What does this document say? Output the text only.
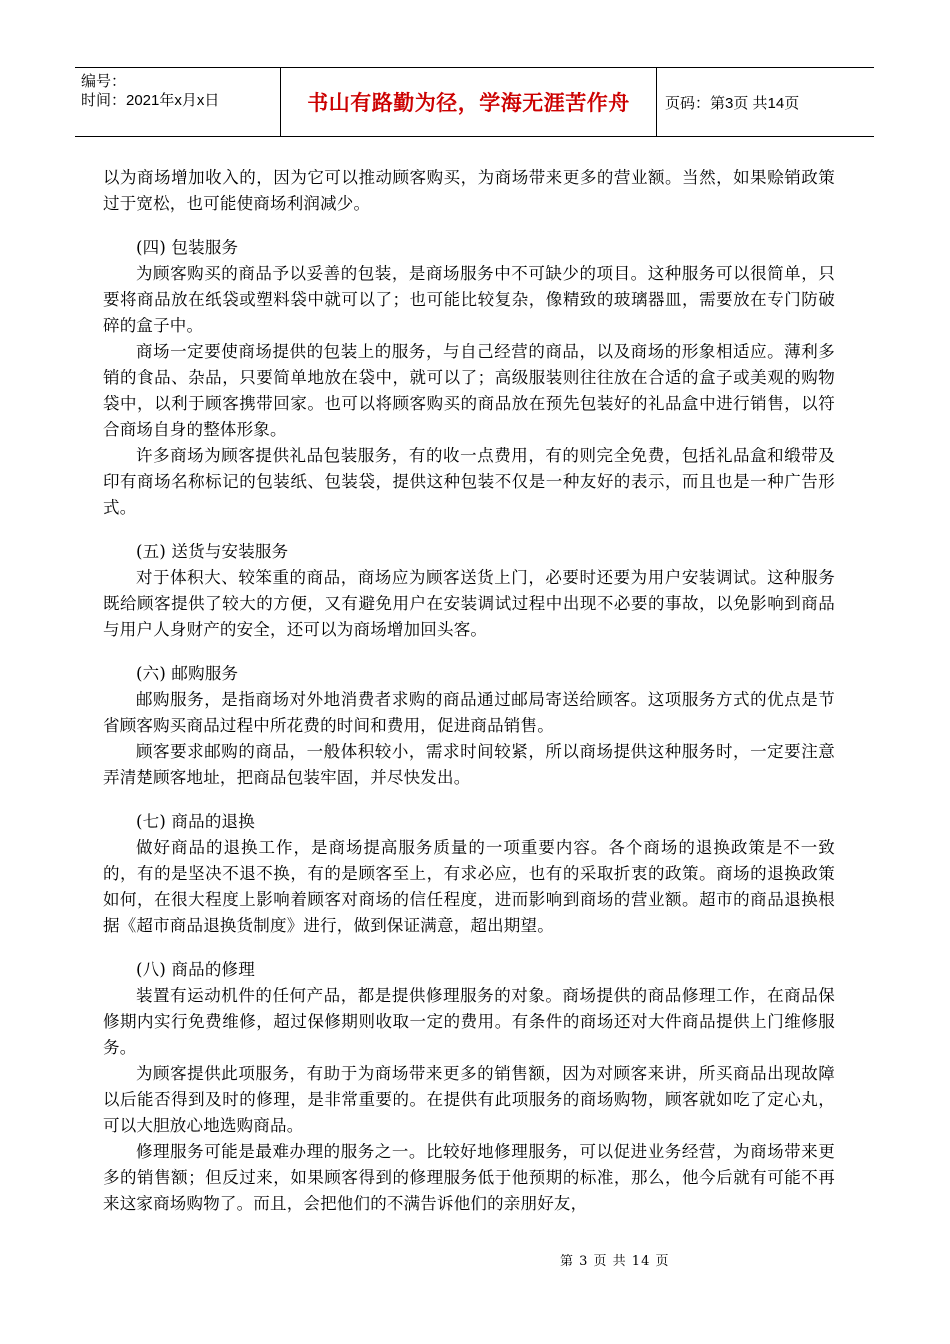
编号：
时间：2021年x月x日	书山有路勤为径，学海无涯苦作舟	页码：第3页 共14页

以为商场增加收入的，因为它可以推动顾客购买，为商场带来更多的营业额。当然，如果赊销政策过于宽松，也可能使商场利润减少。

(四) 包装服务

为顾客购买的商品予以妥善的包装，是商场服务中不可缺少的项目。这种服务可以很简单，只要将商品放在纸袋或塑料袋中就可以了；也可能比较复杂，像精致的玻璃器皿，需要放在专门防破碎的盒子中。

商场一定要使商场提供的包装上的服务，与自己经营的商品，以及商场的形象相适应。薄利多销的食品、杂品，只要简单地放在袋中，就可以了；高级服装则往往放在合适的盒子或美观的购物袋中，以利于顾客携带回家。也可以将顾客购买的商品放在预先包装好的礼品盒中进行销售，以符合商场自身的整体形象。

许多商场为顾客提供礼品包装服务，有的收一点费用，有的则完全免费，包括礼品盒和缎带及印有商场名称标记的包装纸、包装袋，提供这种包装不仅是一种友好的表示，而且也是一种广告形式。

(五) 送货与安装服务

对于体积大、较笨重的商品，商场应为顾客送货上门，必要时还要为用户安装调试。这种服务既给顾客提供了较大的方便，又有避免用户在安装调试过程中出现不必要的事故，以免影响到商品与用户人身财产的安全，还可以为商场增加回头客。

(六) 邮购服务

邮购服务，是指商场对外地消费者求购的商品通过邮局寄送给顾客。这项服务方式的优点是节省顾客购买商品过程中所花费的时间和费用，促进商品销售。

顾客要求邮购的商品，一般体积较小，需求时间较紧，所以商场提供这种服务时，一定要注意弄清楚顾客地址，把商品包装牢固，并尽快发出。

(七) 商品的退换

做好商品的退换工作，是商场提高服务质量的一项重要内容。各个商场的退换政策是不一致的，有的是坚决不退不换，有的是顾客至上，有求必应，也有的采取折衷的政策。商场的退换政策如何，在很大程度上影响着顾客对商场的信任程度，进而影响到商场的营业额。超市的商品退换根据《超市商品退换货制度》进行，做到保证满意，超出期望。

(八) 商品的修理

装置有运动机件的任何产品，都是提供修理服务的对象。商场提供的商品修理工作，在商品保修期内实行免费维修，超过保修期则收取一定的费用。有条件的商场还对大件商品提供上门维修服务。

为顾客提供此项服务，有助于为商场带来更多的销售额，因为对顾客来讲，所买商品出现故障以后能否得到及时的修理，是非常重要的。在提供有此项服务的商场购物，顾客就如吃了定心丸，可以大胆放心地选购商品。

修理服务可能是最难办理的服务之一。比较好地修理服务，可以促进业务经营，为商场带来更多的销售额；但反过来，如果顾客得到的修理服务低于他预期的标准，那么，他今后就有可能不再来这家商场购物了。而且，会把他们的不满告诉他们的亲朋好友，

第 3 页 共 14 页
